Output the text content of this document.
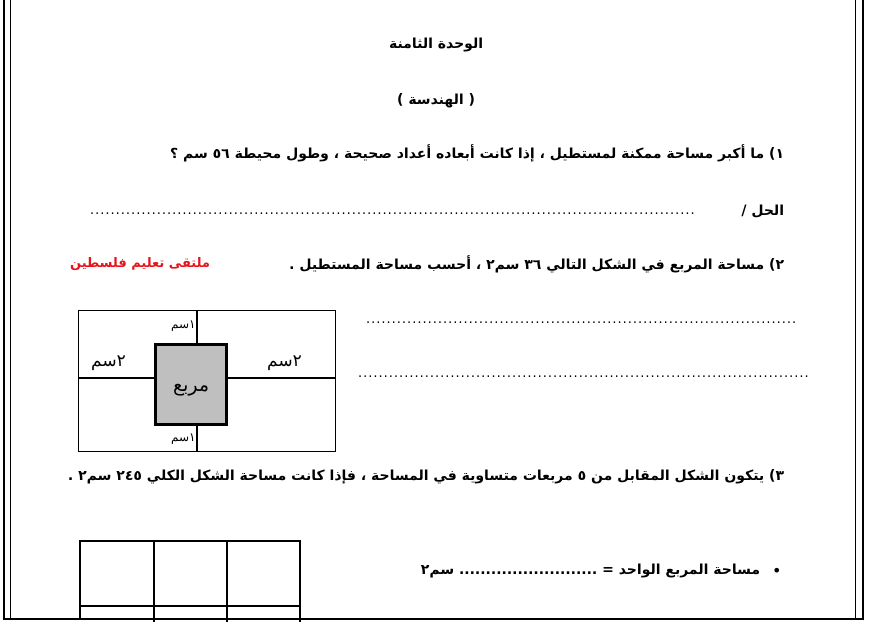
الوحدة الثامنة
( الهندسة )
١) ما أكبر مساحة ممكنة لمستطيل ، إذا كانت أبعاده أعداد صحيحة ، وطول محيطة ٥٦ سم ؟
الحل /
......................................................................................................................
٢) مساحة المربع في الشكل التالي ٣٦ سم٢ ، أحسب مساحة المستطيل .
ملتقى تعليم فلسطين
مربع
١سم
١سم
٢سم	٢سم
....................................................................................
........................................................................................
٣) يتكون الشكل المقابل من ٥ مربعات متساوية في المساحة ، فإذا كانت مساحة الشكل الكلي ٢٤٥ سم٢ .
•
مساحة المربع الواحد = .......................... سم٢
